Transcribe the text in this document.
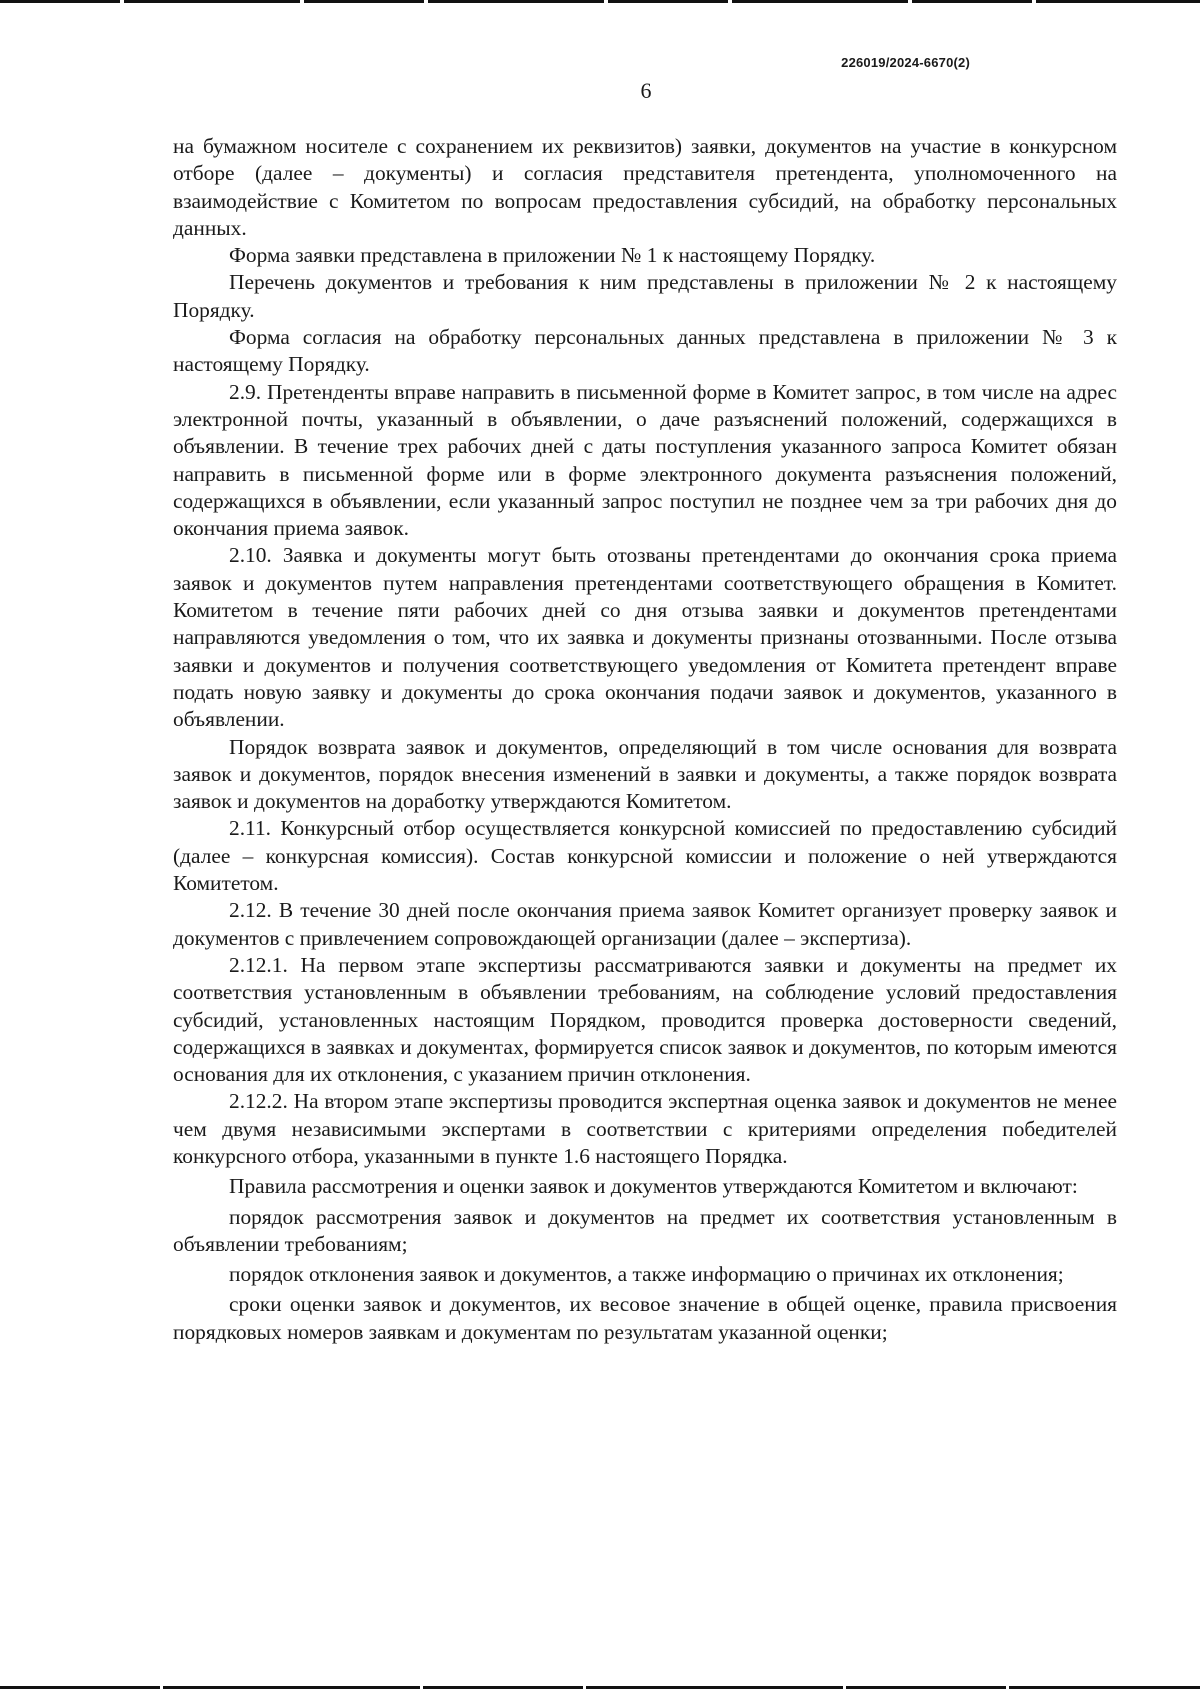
226019/2024-6670(2)
6

на бумажном носителе с сохранением их реквизитов) заявки, документов на участие в конкурсном отборе (далее – документы) и согласия представителя претендента, уполномоченного на взаимодействие с Комитетом по вопросам предоставления субсидий, на обработку персональных данных.

Форма заявки представлена в приложении № 1 к настоящему Порядку.

Перечень документов и требования к ним представлены в приложении № 2 к настоящему Порядку.

Форма согласия на обработку персональных данных представлена в приложении № 3 к настоящему Порядку.

2.9. Претенденты вправе направить в письменной форме в Комитет запрос, в том числе на адрес электронной почты, указанный в объявлении, о даче разъяснений положений, содержащихся в объявлении. В течение трех рабочих дней с даты поступления указанного запроса Комитет обязан направить в письменной форме или в форме электронного документа разъяснения положений, содержащихся в объявлении, если указанный запрос поступил не позднее чем за три рабочих дня до окончания приема заявок.

2.10. Заявка и документы могут быть отозваны претендентами до окончания срока приема заявок и документов путем направления претендентами соответствующего обращения в Комитет. Комитетом в течение пяти рабочих дней со дня отзыва заявки и документов претендентами направляются уведомления о том, что их заявка и документы признаны отозванными. После отзыва заявки и документов и получения соответствующего уведомления от Комитета претендент вправе подать новую заявку и документы до срока окончания подачи заявок и документов, указанного в объявлении.

Порядок возврата заявок и документов, определяющий в том числе основания для возврата заявок и документов, порядок внесения изменений в заявки и документы, а также порядок возврата заявок и документов на доработку утверждаются Комитетом.

2.11. Конкурсный отбор осуществляется конкурсной комиссией по предоставлению субсидий (далее – конкурсная комиссия). Состав конкурсной комиссии и положение о ней утверждаются Комитетом.

2.12. В течение 30 дней после окончания приема заявок Комитет организует проверку заявок и документов с привлечением сопровождающей организации (далее – экспертиза).

2.12.1. На первом этапе экспертизы рассматриваются заявки и документы на предмет их соответствия установленным в объявлении требованиям, на соблюдение условий предоставления субсидий, установленных настоящим Порядком, проводится проверка достоверности сведений, содержащихся в заявках и документах, формируется список заявок и документов, по которым имеются основания для их отклонения, с указанием причин отклонения.

2.12.2. На втором этапе экспертизы проводится экспертная оценка заявок и документов не менее чем двумя независимыми экспертами в соответствии с критериями определения победителей конкурсного отбора, указанными в пункте 1.6 настоящего Порядка.

Правила рассмотрения и оценки заявок и документов утверждаются Комитетом и включают:

порядок рассмотрения заявок и документов на предмет их соответствия установленным в объявлении требованиям;

порядок отклонения заявок и документов, а также информацию о причинах их отклонения;

сроки оценки заявок и документов, их весовое значение в общей оценке, правила присвоения порядковых номеров заявкам и документам по результатам указанной оценки;
